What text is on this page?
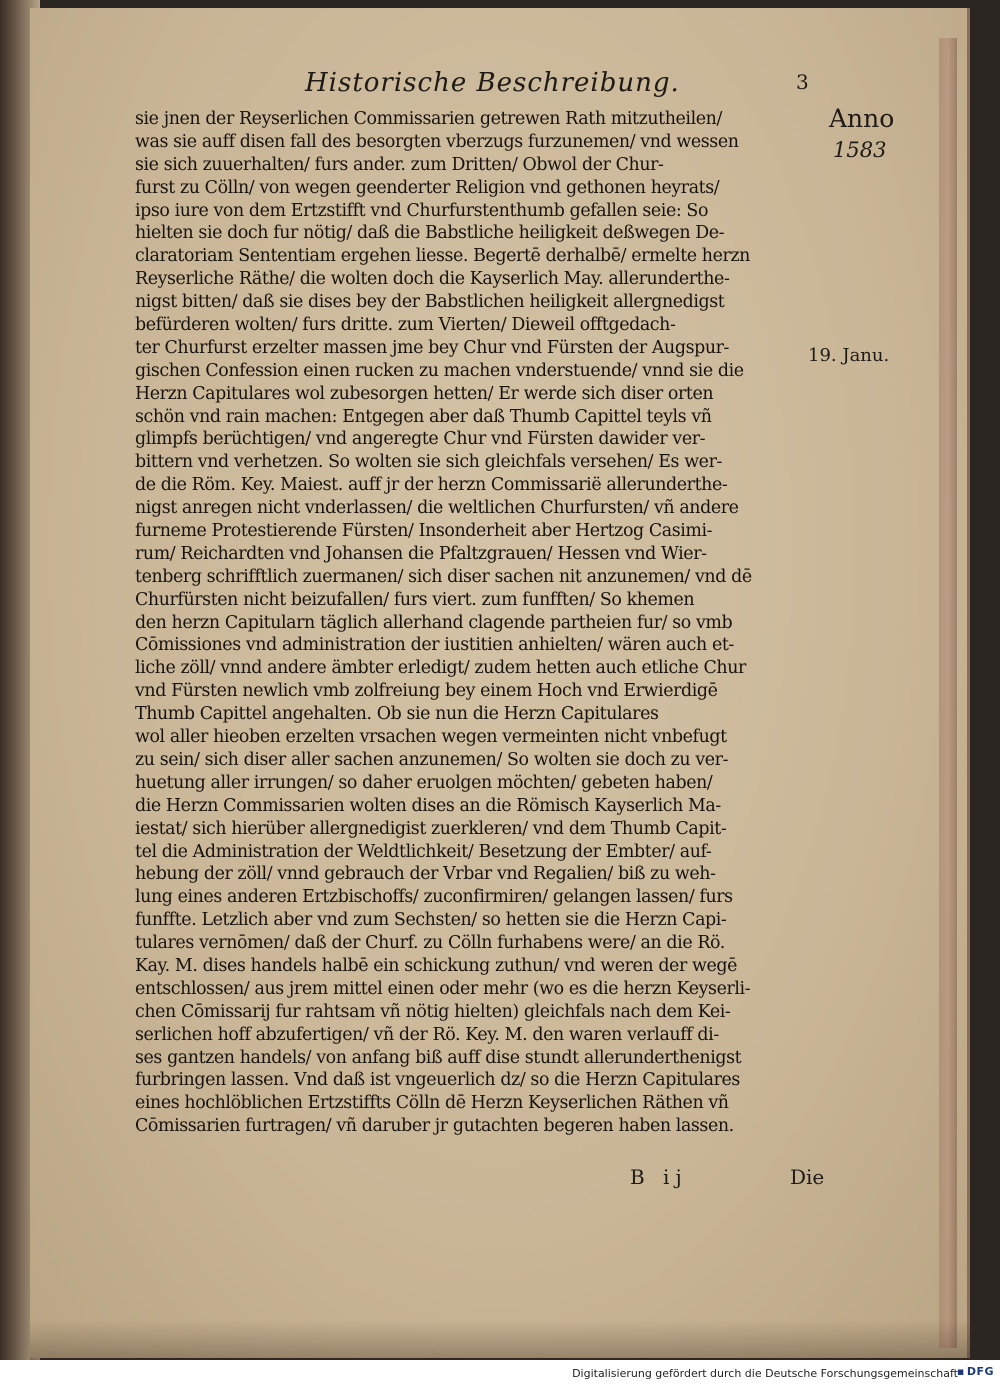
Historische Beschreibung.	3
Anno
1583
19. Janu.
sie jnen der Reyserlichen Commissarien getrewen Rath mitzutheilen/
was sie auff disen fall des besorgten vberzugs furzunemen/ vnd wessen
sie sich zuuerhalten/ furs ander. zum Dritten/ Obwol der Chur-
furst zu Cölln/ von wegen geenderter Religion vnd gethonen heyrats/
ipso iure von dem Ertzstifft vnd Churfurstenthumb gefallen seie: So
hielten sie doch fur nötig/ daß die Babstliche heiligkeit deßwegen De-
claratoriam Sententiam ergehen liesse. Begertē derhalbē/ ermelte herzn
Reyserliche Räthe/ die wolten doch die Kayserlich May. allerunderthe-
nigst bitten/ daß sie dises bey der Babstlichen heiligkeit allergnedigst
befürderen wolten/ furs dritte. zum Vierten/ Dieweil offtgedach-
ter Churfurst erzelter massen jme bey Chur vnd Fürsten der Augspur-
gischen Confession einen rucken zu machen vnderstuende/ vnnd sie die
Herzn Capitulares wol zubesorgen hetten/ Er werde sich diser orten
schön vnd rain machen: Entgegen aber daß Thumb Capittel teyls vñ
glimpfs berüchtigen/ vnd angeregte Chur vnd Fürsten dawider ver-
bittern vnd verhetzen. So wolten sie sich gleichfals versehen/ Es wer-
de die Röm. Key. Maiest. auff jr der herzn Commissarië allerunderthe-
nigst anregen nicht vnderlassen/ die weltlichen Churfursten/ vñ andere
furneme Protestierende Fürsten/ Insonderheit aber Hertzog Casimi-
rum/ Reichardten vnd Johansen die Pfaltzgrauen/ Hessen vnd Wier-
tenberg schrifftlich zuermanen/ sich diser sachen nit anzunemen/ vnd dē
Churfürsten nicht beizufallen/ furs viert. zum funfften/ So khemen
den herzn Capitularn täglich allerhand clagende partheien fur/ so vmb
Cōmissiones vnd administration der iustitien anhielten/ wären auch et-
liche zöll/ vnnd andere ämbter erledigt/ zudem hetten auch etliche Chur
vnd Fürsten newlich vmb zolfreiung bey einem Hoch vnd Erwierdigē
Thumb Capittel angehalten. Ob sie nun die Herzn Capitulares
wol aller hieoben erzelten vrsachen wegen vermeinten nicht vnbefugt
zu sein/ sich diser aller sachen anzunemen/ So wolten sie doch zu ver-
huetung aller irrungen/ so daher eruolgen möchten/ gebeten haben/
die Herzn Commissarien wolten dises an die Römisch Kayserlich Ma-
iestat/ sich hierüber allergnedigist zuerkleren/ vnd dem Thumb Capit-
tel die Administration der Weldtlichkeit/ Besetzung der Embter/ auf-
hebung der zöll/ vnnd gebrauch der Vrbar vnd Regalien/ biß zu weh-
lung eines anderen Ertzbischoffs/ zuconfirmiren/ gelangen lassen/ furs
funffte. Letzlich aber vnd zum Sechsten/ so hetten sie die Herzn Capi-
tulares vernōmen/ daß der Churf. zu Cölln furhabens were/ an die Rö.
Kay. M. dises handels halbē ein schickung zuthun/ vnd weren der wegē
entschlossen/ aus jrem mittel einen oder mehr (wo es die herzn Keyserli-
chen Cōmissarij fur rahtsam vñ nötig hielten) gleichfals nach dem Kei-
serlichen hoff abzufertigen/ vñ der Rö. Key. M. den waren verlauff di-
ses gantzen handels/ von anfang biß auff dise stundt allerunderthenigst
furbringen lassen. Vnd daß ist vngeuerlich dz/ so die Herzn Capitulares
eines hochlöblichen Ertzstiffts Cölln dē Herzn Keyserlichen Räthen vñ
Cōmissarien furtragen/ vñ daruber jr gutachten begeren haben lassen.
B ij	Die
Digitalisierung gefördert durch die Deutsche Forschungsgemeinschaft
▪ DFG
